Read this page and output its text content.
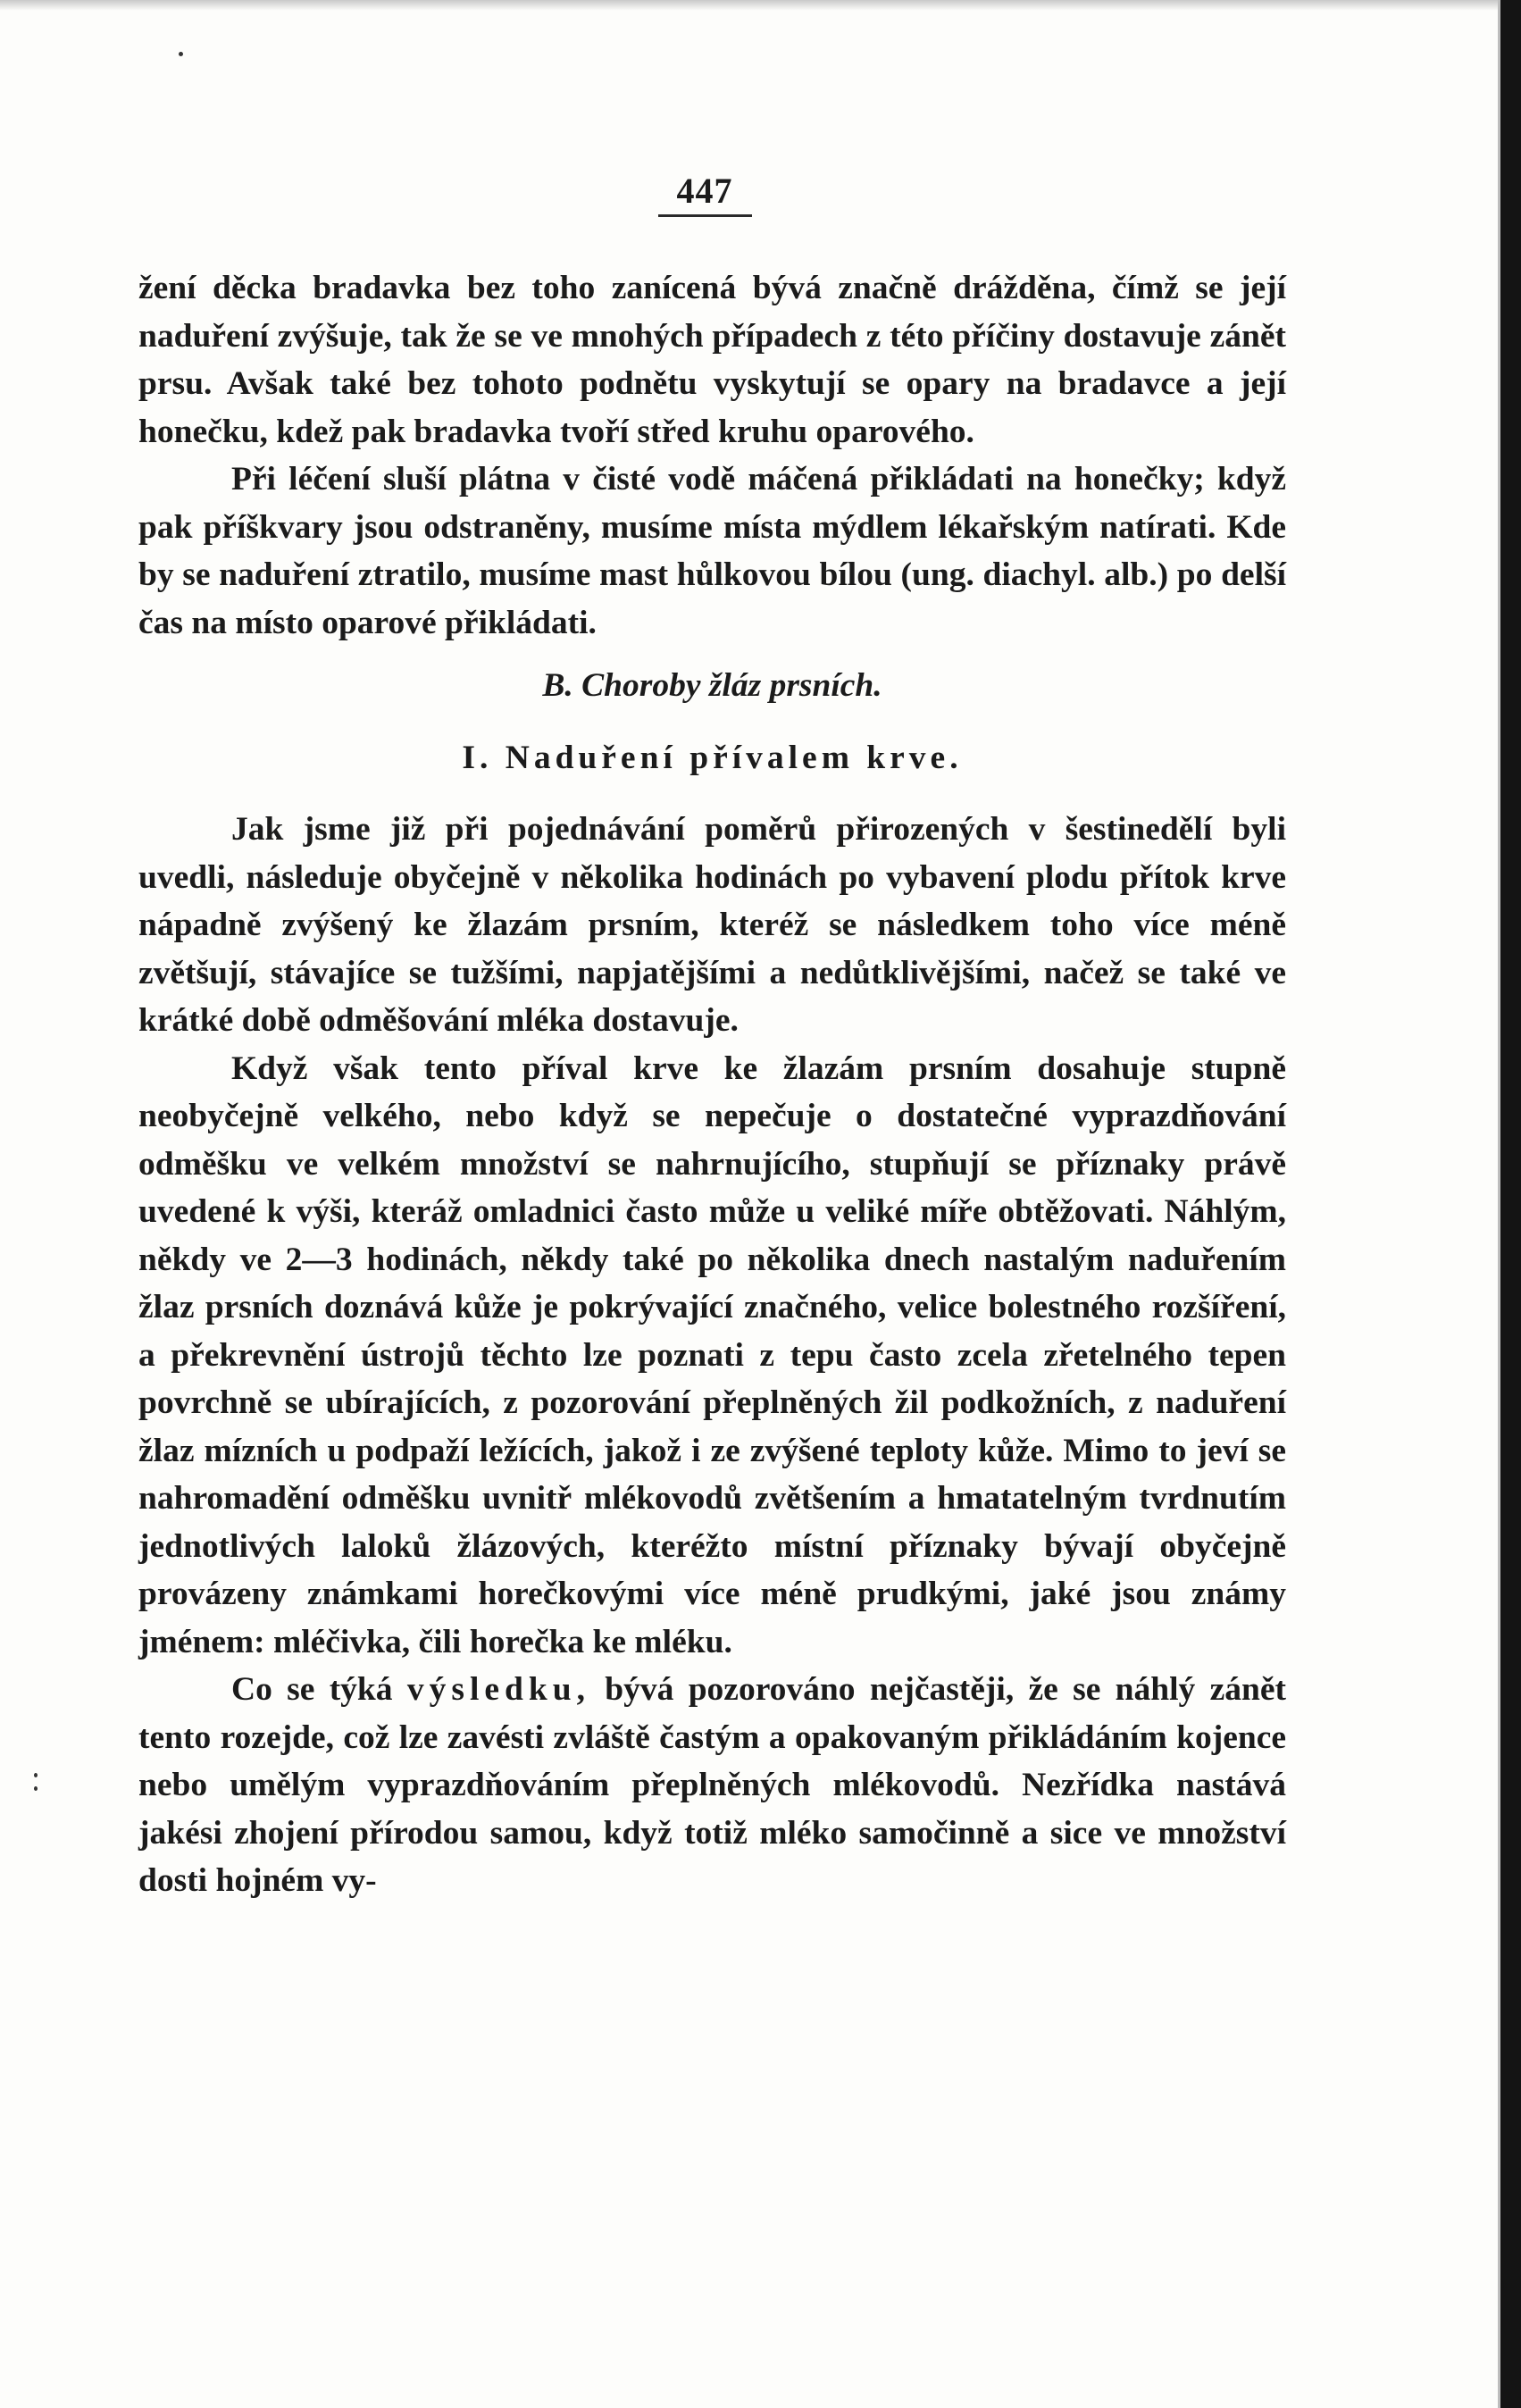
447

žení děcka bradavka bez toho zanícená bývá značně drážděna, čímž se její naduření zvýšuje, tak že se ve mnohých případech z této příčiny dostavuje zánět prsu. Avšak také bez tohoto podnětu vyskytují se opary na bradavce a její honečku, kdež pak bradavka tvoří střed kruhu oparového.

Při léčení sluší plátna v čisté vodě máčená přikládati na honečky; když pak příškvary jsou odstraněny, musíme místa mýdlem lékařským natírati. Kde by se naduření ztratilo, musíme mast hůlkovou bílou (ung. diachyl. alb.) po delší čas na místo oparové přikládati.

B. Choroby žláz prsních.

I. Naduření přívalem krve.

Jak jsme již při pojednávání poměrů přirozených v šestinedělí byli uvedli, následuje obyčejně v několika hodinách po vybavení plodu přítok krve nápadně zvýšený ke žlazám prsním, kteréž se následkem toho více méně zvětšují, stávajíce se tužšími, napjatějšími a nedůtklivějšími, načež se také ve krátké době odměšování mléka dostavuje.

Když však tento příval krve ke žlazám prsním dosahuje stupně neobyčejně velkého, nebo když se nepečuje o dostatečné vyprazdňování odměšku ve velkém množství se nahrnujícího, stupňují se příznaky právě uvedené k výši, kteráž omladnici často může u veliké míře obtěžovati. Náhlým, někdy ve 2—3 hodinách, někdy také po několika dnech nastalým naduřením žlaz prsních doznává kůže je pokrývající značného, velice bolestného rozšíření, a překrevnění ústrojů těchto lze poznati z tepu často zcela zřetelného tepen povrchně se ubírajících, z pozorování přeplněných žil podkožních, z naduření žlaz mízních u podpaží ležících, jakož i ze zvýšené teploty kůže. Mimo to jeví se nahromadění odměšku uvnitř mlékovodů zvětšením a hmatatelným tvrdnutím jednotlivých laloků žlázových, kteréžto místní příznaky bývají obyčejně provázeny známkami horečkovými více méně prudkými, jaké jsou známy jménem: mléčivka, čili horečka ke mléku.

Co se týká výsledku, bývá pozorováno nejčastěji, že se náhlý zánět tento rozejde, což lze zavésti zvláště častým a opakovaným přikládáním kojence nebo umělým vyprazdňováním přeplněných mlékovodů. Nezřídka nastává jakési zhojení přírodou samou, když totiž mléko samočinně a sice ve množství dosti hojném vy-
